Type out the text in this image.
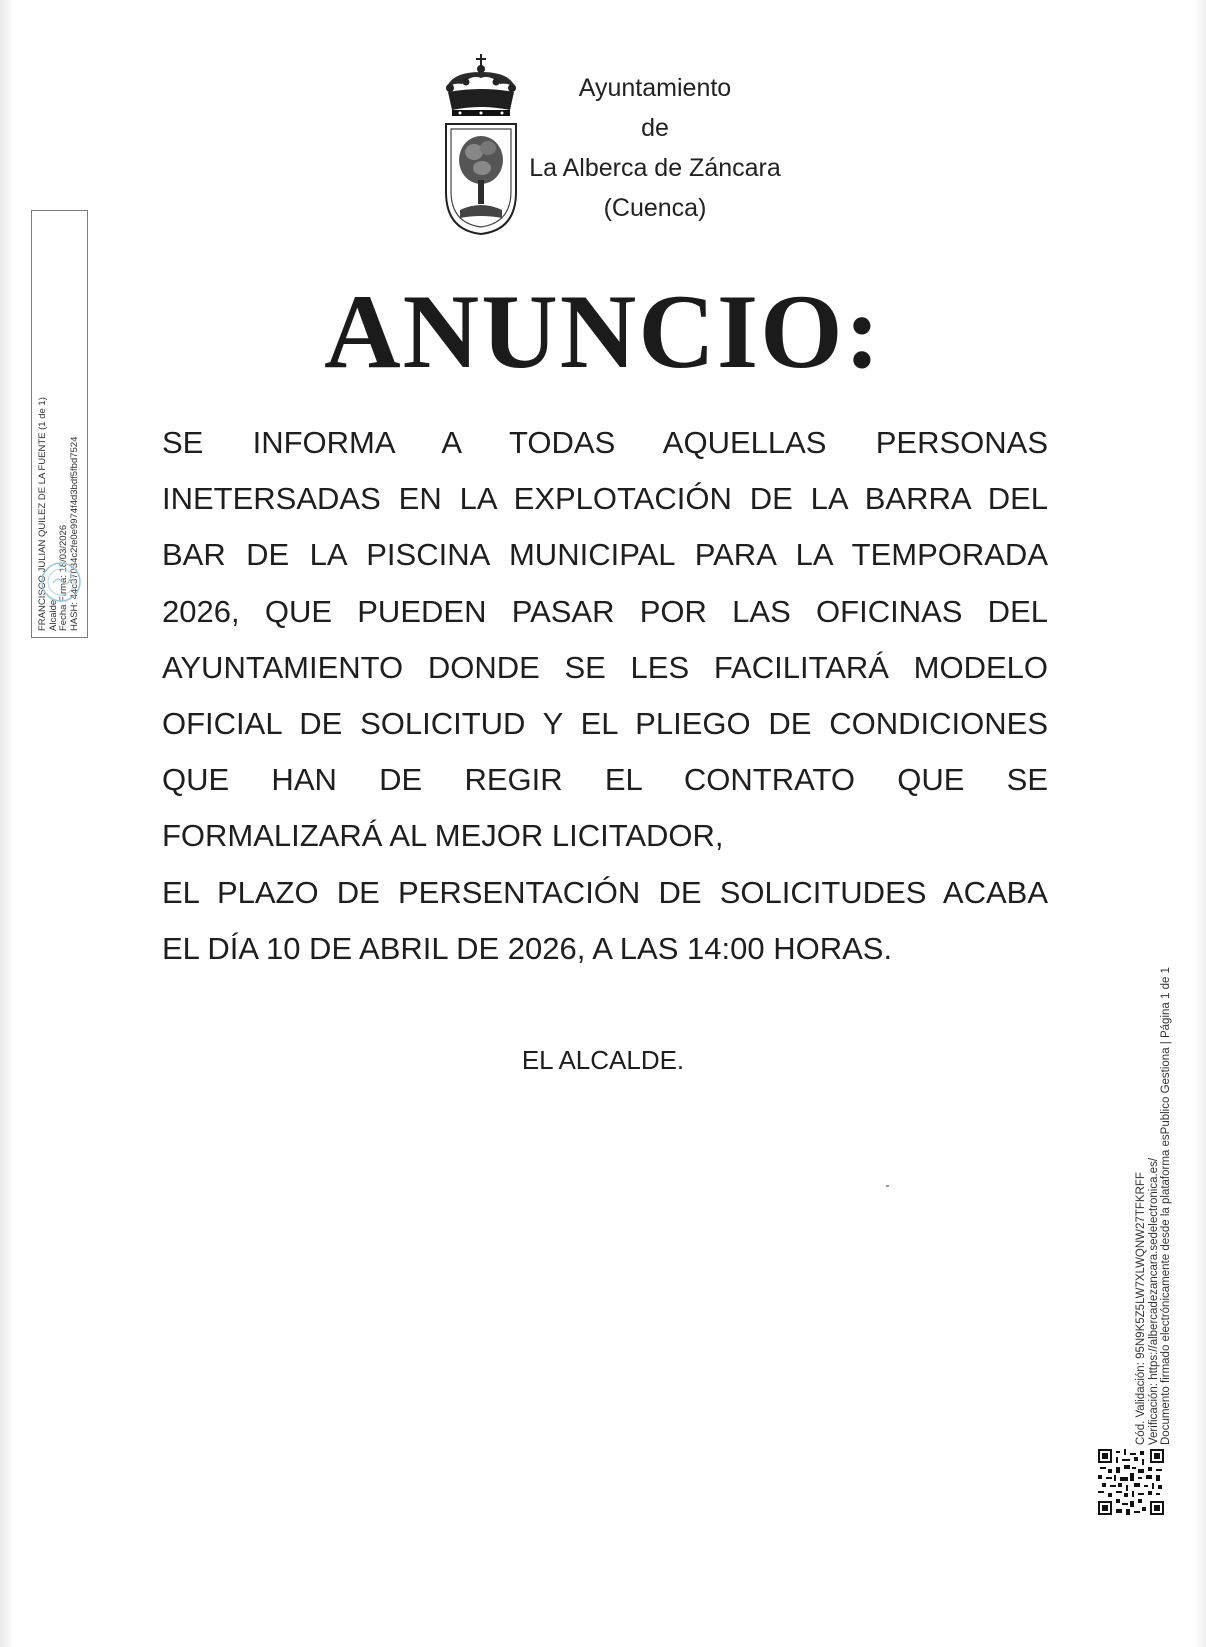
Ayuntamiento
de
La Alberca de Záncara
(Cuenca)
ANUNCIO:
SE INFORMA A TODAS AQUELLAS PERSONAS
INETERSADAS EN LA EXPLOTACIÓN DE LA BARRA DEL
BAR DE LA PISCINA MUNICIPAL PARA LA TEMPORADA
2026, QUE PUEDEN PASAR POR LAS OFICINAS DEL
AYUNTAMIENTO DONDE SE LES FACILITARÁ MODELO
OFICIAL DE SOLICITUD Y EL PLIEGO DE CONDICIONES
QUE HAN DE REGIR EL CONTRATO QUE SE
FORMALIZARÁ AL MEJOR LICITADOR,
EL PLAZO DE PERSENTACIÓN DE SOLICITUDES ACABA
EL DÍA 10 DE ABRIL DE 2026, A LAS 14:00 HORAS.
EL ALCALDE.
FRANCISCO JULIAN QUILEZ DE LA FUENTE (1 de 1) Alcalde Fecha Firma: 18/03/2026 HASH: 44c37034c2fe0e9974f4d3bdf5fbd7524
Cód. Validación: 95N9K5Z5LW7XLWQNW27TFKRFF Verificación: https://albercadezancara.sedelectronica.es/ Documento firmado electrónicamente desde la plataforma esPublico Gestiona | Página 1 de 1
